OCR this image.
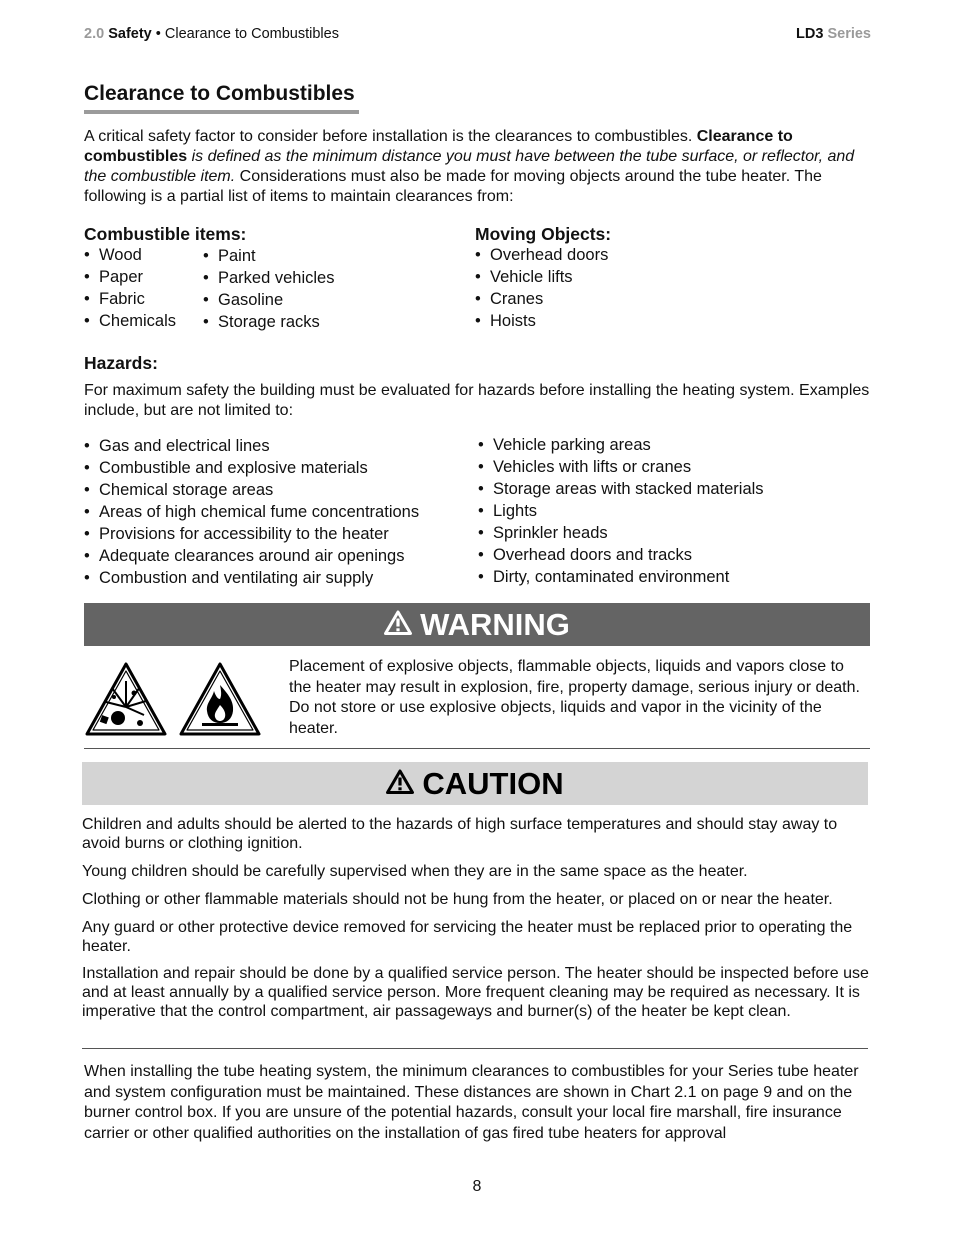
2.0 Safety • Clearance to Combustibles	LD3 Series
Clearance to Combustibles
A critical safety factor to consider before installation is the clearances to combustibles. Clearance to combustibles is defined as the minimum distance you must have between the tube surface, or reflector, and the combustible item. Considerations must also be made for moving objects around the tube heater. The following is a partial list of items to maintain clearances from:
Combustible items:
• Wood
• Paper
• Fabric
• Chemicals
• Paint
• Parked vehicles
• Gasoline
• Storage racks
Moving Objects:
• Overhead doors
• Vehicle lifts
• Cranes
• Hoists
Hazards:
For maximum safety the building must be evaluated for hazards before installing the heating system. Examples include, but are not limited to:
• Gas and electrical lines
• Combustible and explosive materials
• Chemical storage areas
• Areas of high chemical fume concentrations
• Provisions for accessibility to the heater
• Adequate clearances around air openings
• Combustion and ventilating air supply
• Vehicle parking areas
• Vehicles with lifts or cranes
• Storage areas with stacked materials
• Lights
• Sprinkler heads
• Overhead doors and tracks
• Dirty, contaminated environment
WARNING
Placement of explosive objects, flammable objects, liquids and vapors close to the heater may result in explosion, fire, property damage, serious injury or death. Do not store or use explosive objects, liquids and vapor in the vicinity of the heater.
CAUTION
Children and adults should be alerted to the hazards of high surface temperatures and should stay away to avoid burns or clothing ignition.
Young children should be carefully supervised when they are in the same space as the heater.
Clothing or other flammable materials should not be hung from the heater, or placed on or near the heater.
Any guard or other protective device removed for servicing the heater must be replaced prior to operating the heater.
Installation and repair should be done by a qualified service person. The heater should be inspected before use and at least annually by a qualified service person. More frequent cleaning may be required as necessary. It is imperative that the control compartment, air passageways and burner(s) of the heater be kept clean.
When installing the tube heating system, the minimum clearances to combustibles for your Series tube heater and system configuration must be maintained. These distances are shown in Chart 2.1 on page 9 and on the burner control box. If you are unsure of the potential hazards, consult your local fire marshall, fire insurance carrier or other qualified authorities on the installation of gas fired tube heaters for approval
8
